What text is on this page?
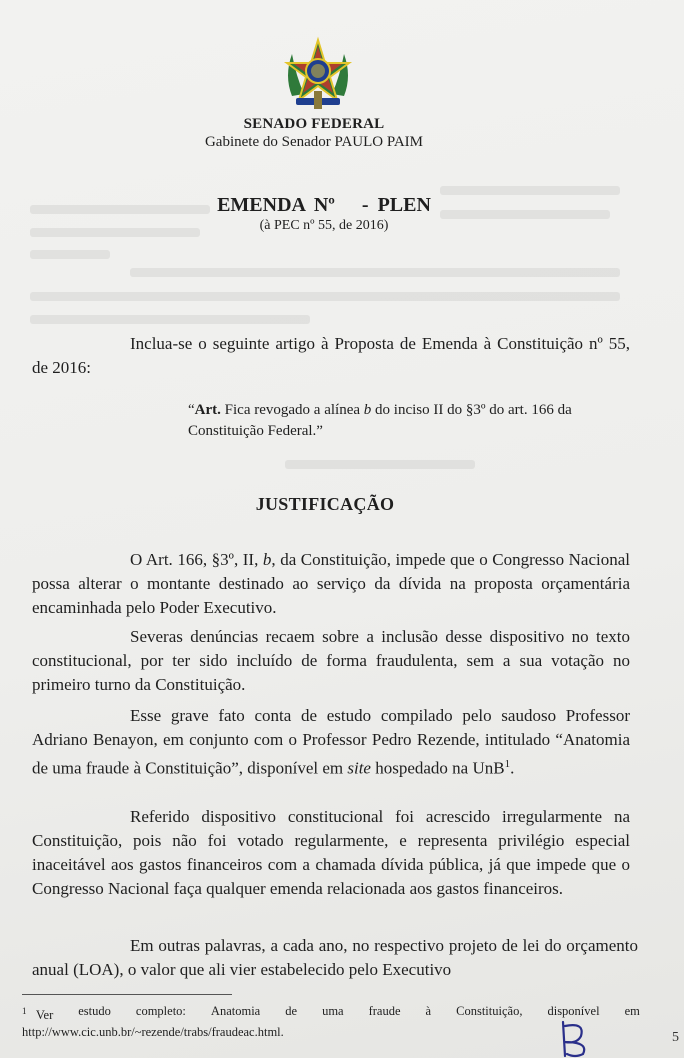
SENADO FEDERAL
Gabinete do Senador PAULO PAIM
EMENDA Nº   - PLEN
(à PEC nº 55, de 2016)
Inclua-se o seguinte artigo à Proposta de Emenda à Constituição nº 55, de 2016:
“Art. Fica revogado a alínea b do inciso II do §3º do art. 166 da Constituição Federal.”
JUSTIFICAÇÃO
O Art. 166, §3º, II, b, da Constituição, impede que o Congresso Nacional possa alterar o montante destinado ao serviço da dívida na proposta orçamentária encaminhada pelo Poder Executivo.
Severas denúncias recaem sobre a inclusão desse dispositivo no texto constitucional, por ter sido incluído de forma fraudulenta, sem a sua votação no primeiro turno da Constituição.
Esse grave fato conta de estudo compilado pelo saudoso Professor Adriano Benayon, em conjunto com o Professor Pedro Rezende, intitulado “Anatomia de uma fraude à Constituição”, disponível em site hospedado na UnB$^1$.
Referido dispositivo constitucional foi acrescido irregularmente na Constituição, pois não foi votado regularmente, e representa privilégio especial inaceitável aos gastos financeiros com a chamada dívida pública, já que impede que o Congresso Nacional faça qualquer emenda relacionada aos gastos financeiros.
Em outras palavras, a cada ano, no respectivo projeto de lei do orçamento anual (LOA), o valor que ali vier estabelecido pelo Executivo
$^1$ Ver estudo completo: Anatomia de uma fraude à Constituição, disponível em
http://www.cic.unb.br/~rezende/trabs/fraudeac.html.	5
